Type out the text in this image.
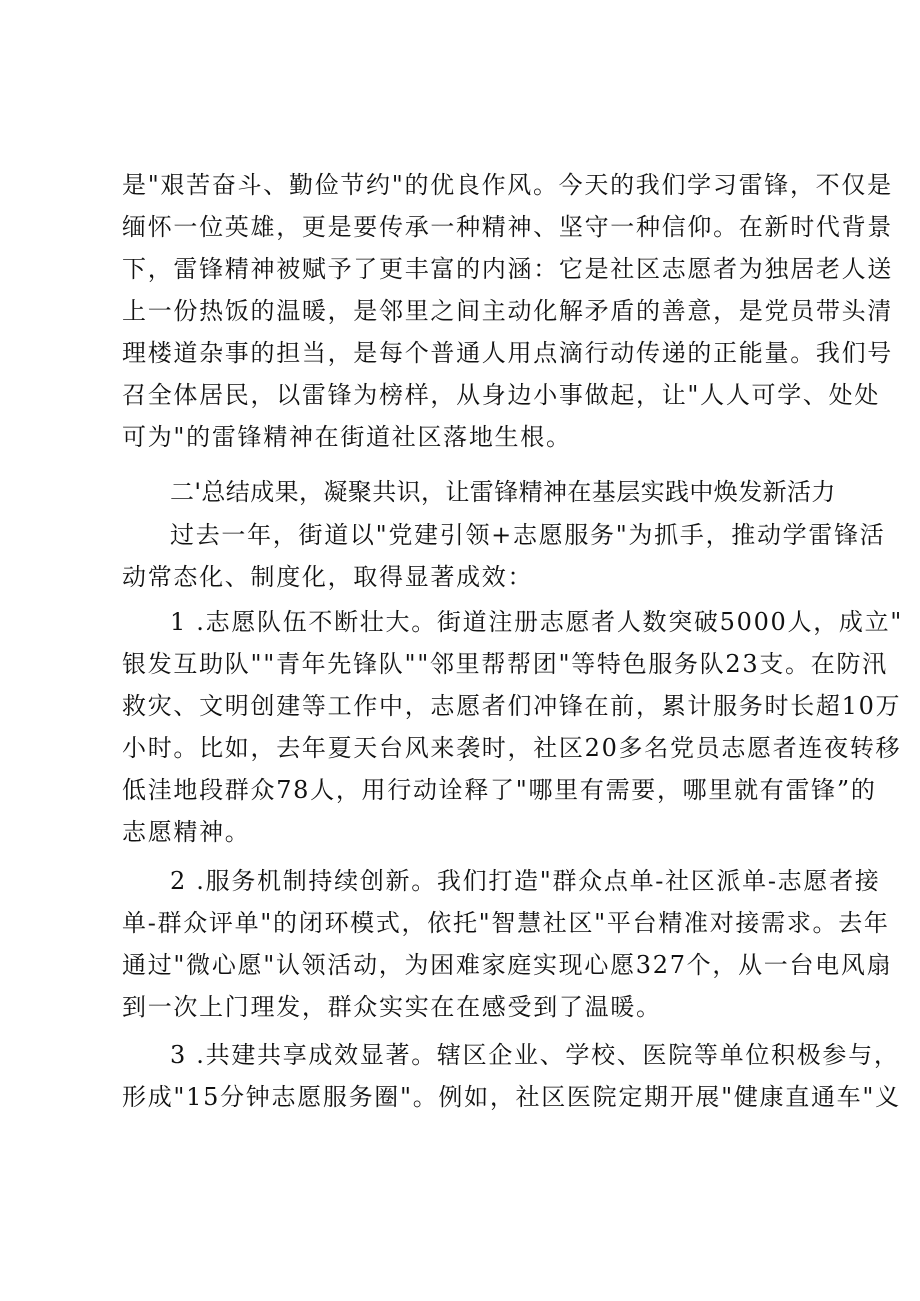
是"艰苦奋斗、勤俭节约"的优良作风。今天的我们学习雷锋，不仅是
缅怀一位英雄，更是要传承一种精神、坚守一种信仰。在新时代背景
下，雷锋精神被赋予了更丰富的内涵：它是社区志愿者为独居老人送
上一份热饭的温暖，是邻里之间主动化解矛盾的善意，是党员带头清
理楼道杂事的担当，是每个普通人用点滴行动传递的正能量。我们号
召全体居民，以雷锋为榜样，从身边小事做起，让"人人可学、处处
可为"的雷锋精神在街道社区落地生根。
二'总结成果，凝聚共识，让雷锋精神在基层实践中焕发新活力
过去一年，街道以"党建引领+志愿服务"为抓手，推动学雷锋活
动常态化、制度化，取得显著成效：
1 .志愿队伍不断壮大。街道注册志愿者人数突破5000人，成立"
银发互助队""青年先锋队""邻里帮帮团"等特色服务队23支。在防汛
救灾、文明创建等工作中，志愿者们冲锋在前，累计服务时长超10万
小时。比如，去年夏天台风来袭时，社区20多名党员志愿者连夜转移
低洼地段群众78人，用行动诠释了"哪里有需要，哪里就有雷锋”的
志愿精神。
2 .服务机制持续创新。我们打造"群众点单-社区派单-志愿者接
单-群众评单"的闭环模式，依托"智慧社区"平台精准对接需求。去年
通过"微心愿"认领活动，为困难家庭实现心愿327个，从一台电风扇
到一次上门理发，群众实实在在感受到了温暖。
3 .共建共享成效显著。辖区企业、学校、医院等单位积极参与，
形成"15分钟志愿服务圈"。例如，社区医院定期开展"健康直通车"义
